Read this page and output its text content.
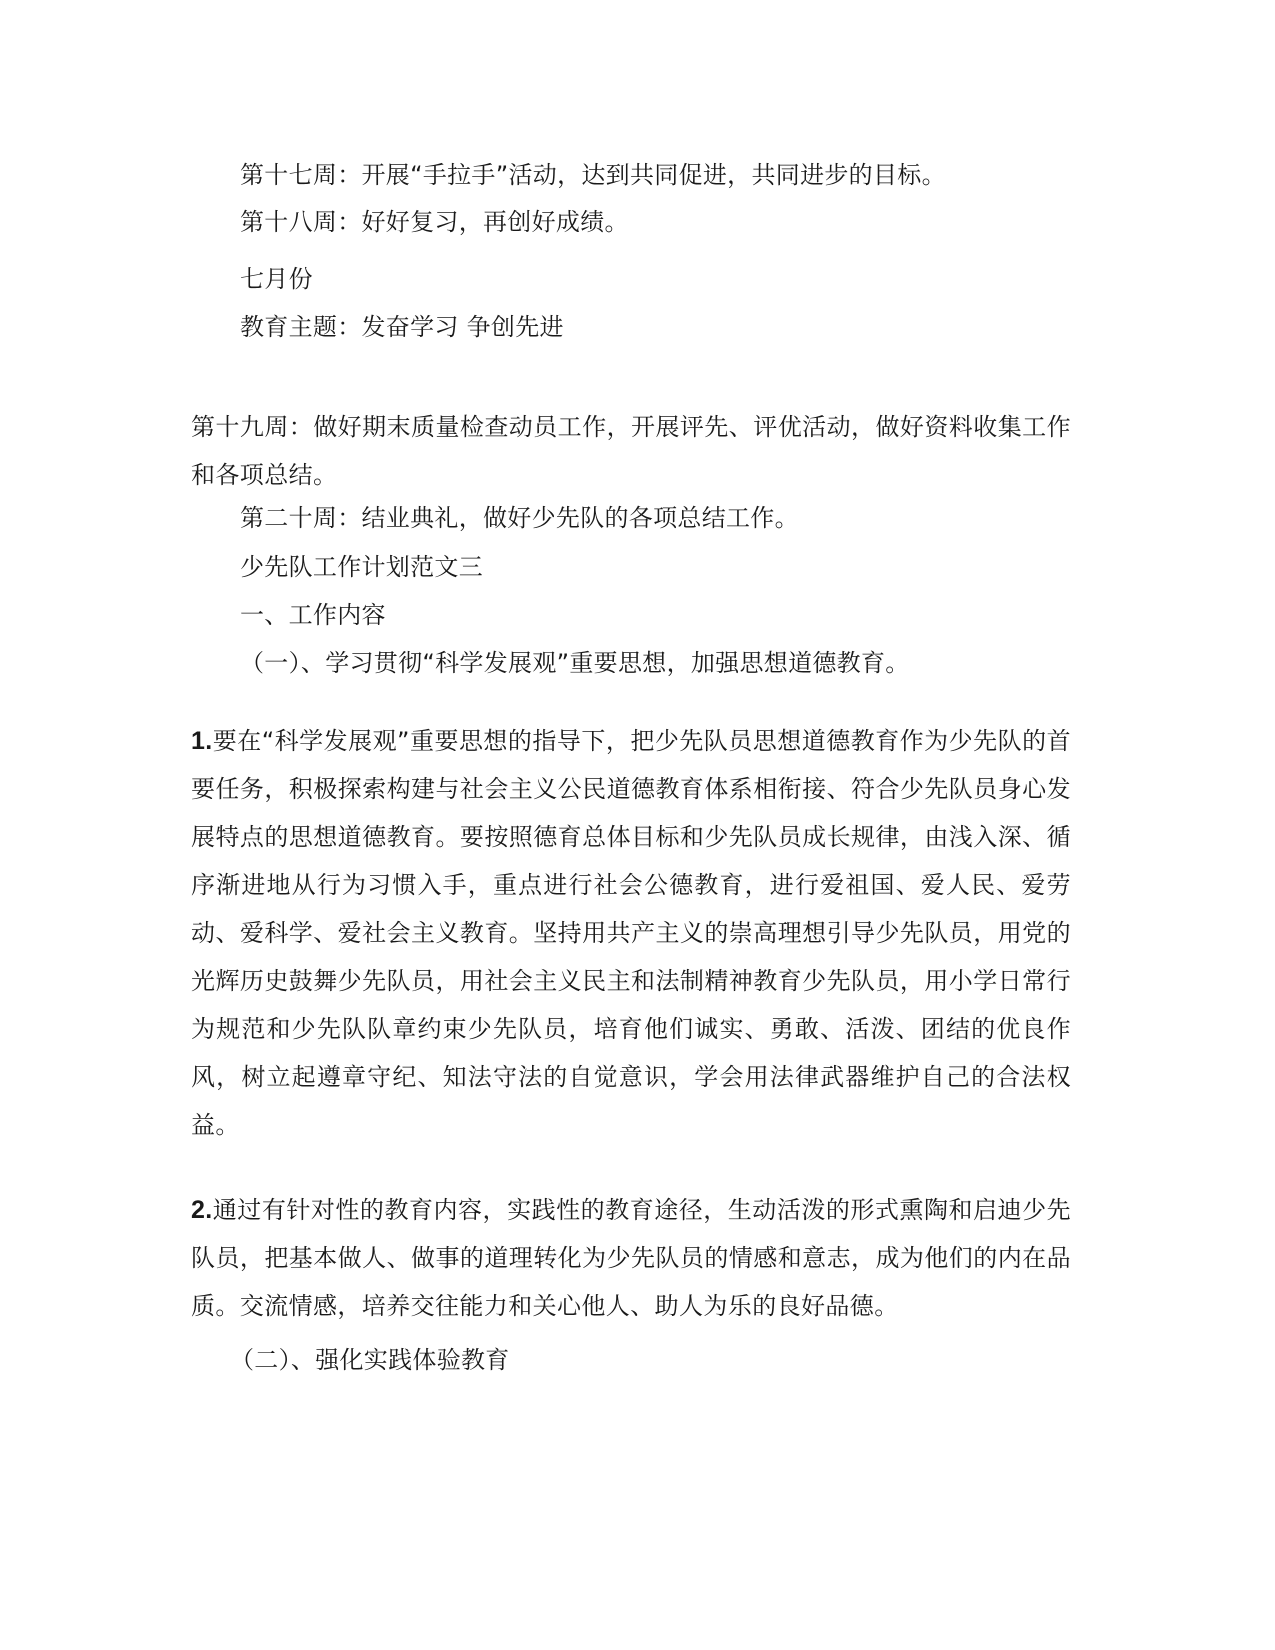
第十七周：开展“手拉手”活动，达到共同促进，共同进步的目标。
第十八周：好好复习，再创好成绩。
七月份
教育主题：发奋学习 争创先进
第十九周：做好期末质量检查动员工作，开展评先、评优活动，做好资料收集工作和各项总结。
第二十周：结业典礼，做好少先队的各项总结工作。
少先队工作计划范文三
一、工作内容
（一）、学习贯彻“科学发展观”重要思想，加强思想道德教育。
1.要在“科学发展观”重要思想的指导下，把少先队员思想道德教育作为少先队的首要任务，积极探索构建与社会主义公民道德教育体系相衔接、符合少先队员身心发展特点的思想道德教育。要按照德育总体目标和少先队员成长规律，由浅入深、循序渐进地从行为习惯入手，重点进行社会公德教育，进行爱祖国、爱人民、爱劳动、爱科学、爱社会主义教育。坚持用共产主义的崇高理想引导少先队员，用党的光辉历史鼓舞少先队员，用社会主义民主和法制精神教育少先队员，用小学日常行为规范和少先队队章约束少先队员，培育他们诚实、勇敢、活泼、团结的优良作风，树立起遵章守纪、知法守法的自觉意识，学会用法律武器维护自己的合法权益。
2.通过有针对性的教育内容，实践性的教育途径，生动活泼的形式熏陶和启迪少先队员，把基本做人、做事的道理转化为少先队员的情感和意志，成为他们的内在品质。交流情感，培养交往能力和关心他人、助人为乐的良好品德。
（二）、强化实践体验教育
